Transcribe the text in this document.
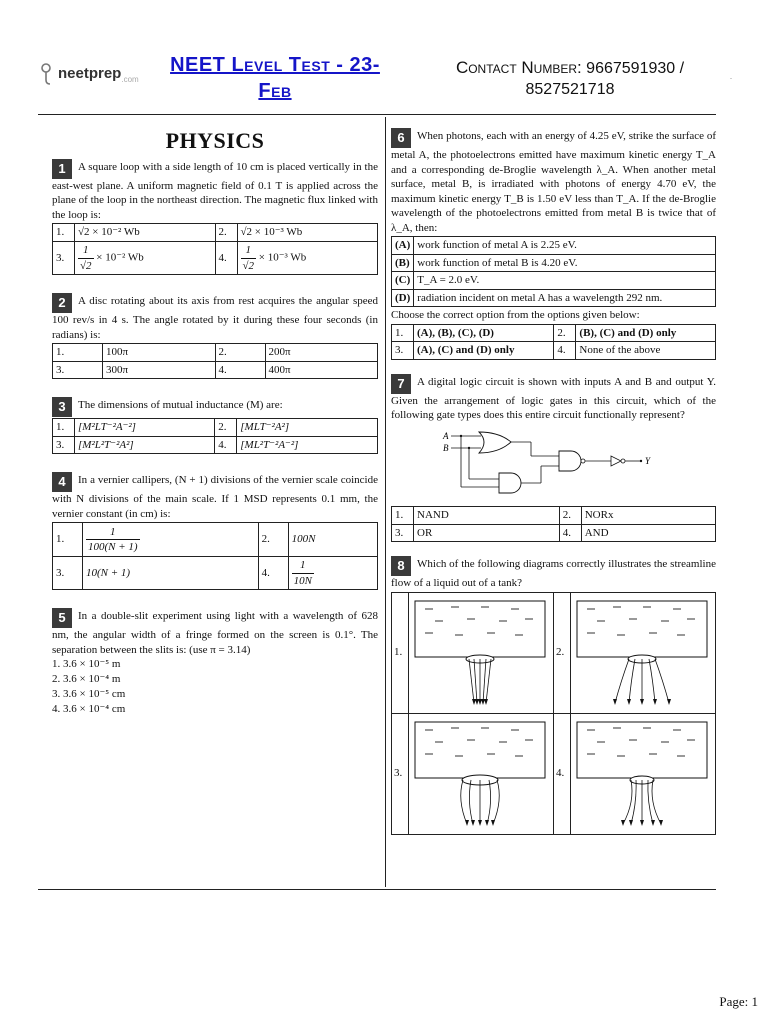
neetprep$_{.com}$
NEET Level Test - 23-
Feb
Contact Number: 9667591930 /
8527521718
.
PHYSICS
1 A square loop with a side length of 10 cm is placed vertically in the east-west plane. A uniform magnetic field of 0.1 T is applied across the plane of the loop in the northeast direction. The magnetic flux linked with the loop is:
1.	√2 × 10⁻² Wb	2.	√2 × 10⁻³ Wb
3.	$\frac{1}{√2} \times 10^{-2}$ Wb	4.	$\frac{1}{√2} \times 10^{-3}$ Wb
2 A disc rotating about its axis from rest acquires the angular speed 100 rev/s in 4 s. The angle rotated by it during these four seconds (in radians) is:
1.	100π	2.	200π
3.	300π	4.	400π
3 The dimensions of mutual inductance (M) are:
1.	[M²LT⁻²A⁻²]	2.	[MLT⁻²A²]
3.	[M²L²T⁻²A²]	4.	[ML²T⁻²A⁻²]
4 In a vernier callipers, (N + 1) divisions of the vernier scale coincide with N divisions of the main scale. If 1 MSD represents 0.1 mm, the vernier constant (in cm) is:
1.	$\frac{1}{100(N + 1)}$	2.	100N
3.	10(N + 1)	4.	$\frac{1}{10N}$
5 In a double-slit experiment using light with a wavelength of 628 nm, the angular width of a fringe formed on the screen is 0.1°. The separation between the slits is: (use π = 3.14)
1. 3.6 × 10⁻⁵ m
2. 3.6 × 10⁻⁴ m
3. 3.6 × 10⁻⁵ cm
4. 3.6 × 10⁻⁴ cm
6 When photons, each with an energy of 4.25 eV, strike the surface of metal A, the photoelectrons emitted have maximum kinetic energy T_A and a corresponding de-Broglie wavelength λ_A. When another metal surface, metal B, is irradiated with photons of energy 4.70 eV, the maximum kinetic energy T_B is 1.50 eV less than T_A. If the de-Broglie wavelength of the photoelectrons emitted from metal B is twice that of λ_A, then:
(A)	work function of metal A is 2.25 eV.
(B)	work function of metal B is 4.20 eV.
(C)	T_A = 2.0 eV.
(D)	radiation incident on metal A has a wavelength 292 nm.
Choose the correct option from the options given below:
1.	(A), (B), (C), (D)	2.	(B), (C) and (D) only
3.	(A), (C) and (D) only	4.	None of the above
7 A digital logic circuit is shown with inputs A and B and output Y. Given the arrangement of logic gates in this circuit, which of the following gate types does this entire circuit functionally represent?
A
B
Y
1.	NAND	2.	NORx
3.	OR	4.	AND
8 Which of the following diagrams correctly illustrates the streamline flow of a liquid out of a tank?
1.		2.	

3.		4.	
Page: 1
